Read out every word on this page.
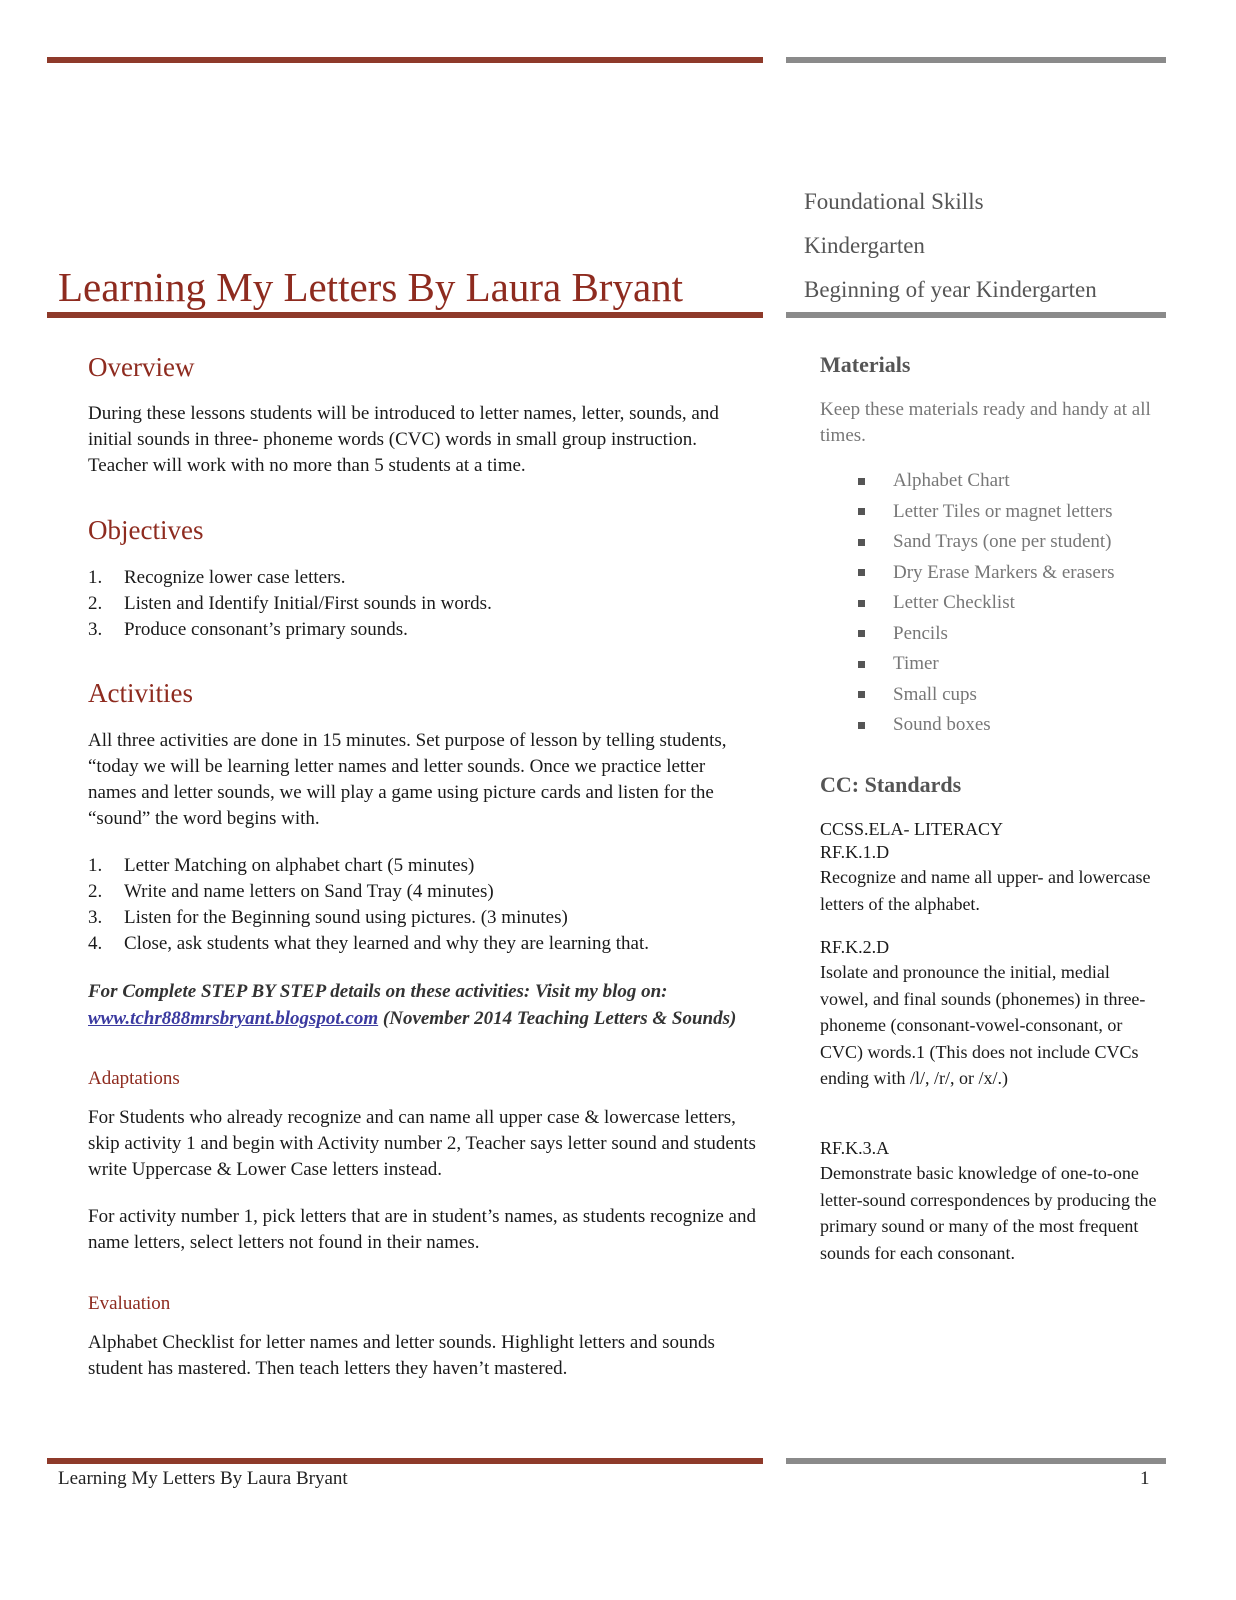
Learning My Letters By Laura Bryant
Foundational Skills
Kindergarten
Beginning of year Kindergarten
Overview

During these lessons students will be introduced to letter names, letter, sounds, and initial sounds in three- phoneme words (CVC) words in small group instruction. Teacher will work with no more than 5 students at a time.

Objectives
1.	Recognize lower case letters.
2.	Listen and Identify Initial/First sounds in words.
3.	Produce consonant’s primary sounds.
Activities

All three activities are done in 15 minutes. Set purpose of lesson by telling students, “today we will be learning letter names and letter sounds. Once we practice letter names and letter sounds, we will play a game using picture cards and listen for the “sound” the word begins with.

1.	Letter Matching on alphabet chart (5 minutes)
2.	Write and name letters on Sand Tray (4 minutes)
3.	Listen for the Beginning sound using pictures. (3 minutes)
4.	Close, ask students what they learned and why they are learning that.
For Complete STEP BY STEP details on these activities: Visit my blog on:
www.tchr888mrsbryant.blogspot.com (November 2014 Teaching Letters & Sounds)
Adaptations

For Students who already recognize and can name all upper case & lowercase letters, skip activity 1 and begin with Activity number 2, Teacher says letter sound and students write Uppercase & Lower Case letters instead.

For activity number 1, pick letters that are in student’s names, as students recognize and name letters, select letters not found in their names.

Evaluation

Alphabet Checklist for letter names and letter sounds. Highlight letters and sounds student has mastered. Then teach letters they haven’t mastered.

Materials

Keep these materials ready and handy at all times.

Alphabet Chart
Letter Tiles or magnet letters
Sand Trays (one per student)
Dry Erase Markers & erasers
Letter Checklist
Pencils
Timer
Small cups
Sound boxes
CC: Standards
CCSS.ELA- LITERACY
RF.K.1.D
Recognize and name all upper- and lowercase letters of the alphabet.
RF.K.2.D
Isolate and pronounce the initial, medial vowel, and final sounds (phonemes) in three-phoneme (consonant-vowel-consonant, or CVC) words.1 (This does not include CVCs ending with /l/, /r/, or /x/.)
RF.K.3.A
Demonstrate basic knowledge of one-to-one letter-sound correspondences by producing the primary sound or many of the most frequent sounds for each consonant.
Learning My Letters By Laura Bryant	1
